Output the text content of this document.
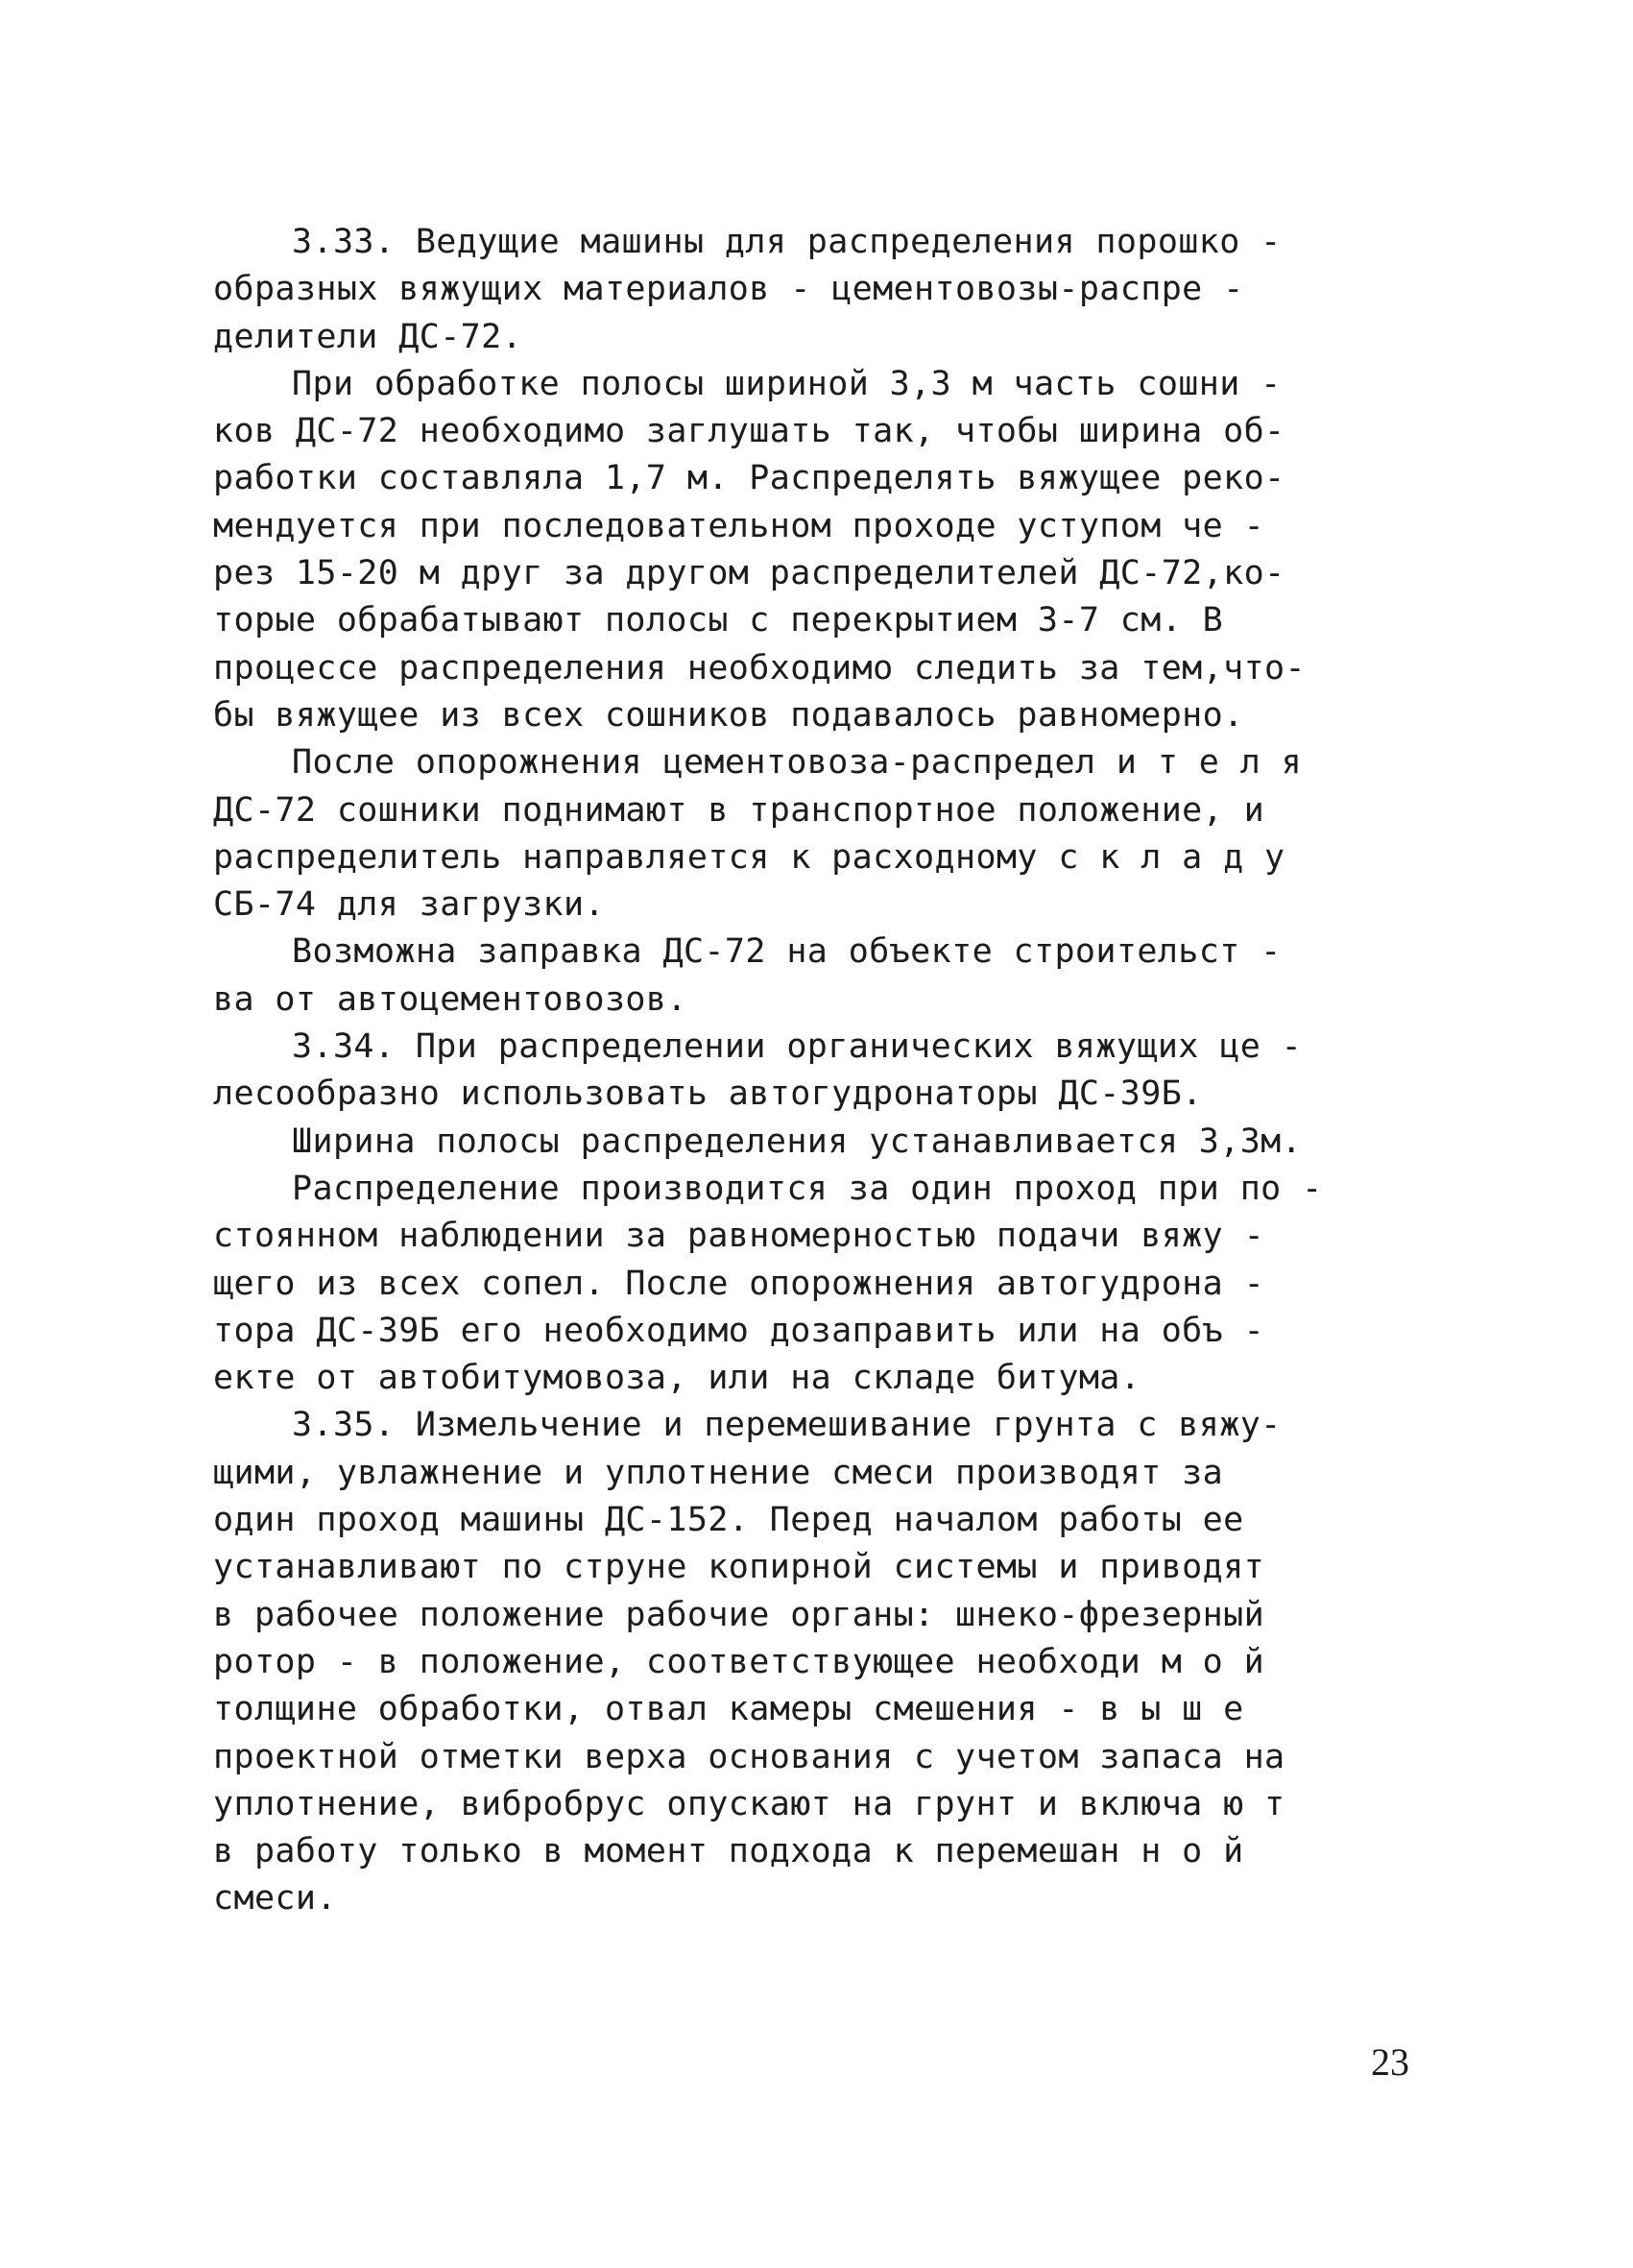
3.33. Ведущие машины для распределения порошко -
образных вяжущих материалов - цементовозы-распре -
делители ДС-72.

При обработке полосы шириной 3,3 м часть сошни -
ков ДС-72 необходимо заглушать так, чтобы ширина об-
работки составляла 1,7 м. Распределять вяжущее реко-
мендуется при последовательном проходе уступом че -
рез 15-20 м друг за другом распределителей ДС-72,ко-
торые обрабатывают полосы с перекрытием 3-7 см. В
процессе распределения необходимо следить за тем,что-
бы вяжущее из всех сошников подавалось равномерно.

После опорожнения цементовоза-распредел и т е л я
ДС-72 сошники поднимают в транспортное положение, и
распределитель направляется к расходному с к л а д у
СБ-74 для загрузки.

Возможна заправка ДС-72 на объекте строительст -
ва от автоцементовозов.

3.34. При распределении органических вяжущих це -
лесообразно использовать автогудронаторы ДС-39Б.

Ширина полосы распределения устанавливается 3,3м.

Распределение производится за один проход при по -
стоянном наблюдении за равномерностью подачи вяжу -
щего из всех сопел. После опорожнения автогудрона -
тора ДС-39Б его необходимо дозаправить или на объ -
екте от автобитумовоза, или на складе битума.

3.35. Измельчение и перемешивание грунта с вяжу-
щими, увлажнение и уплотнение смеси производят за
один проход машины ДС-152. Перед началом работы ее
устанавливают по струне копирной системы и приводят
в рабочее положение рабочие органы: шнеко-фрезерный
ротор - в положение, соответствующее необходи м о й
толщине обработки, отвал камеры смешения - в ы ш е
проектной отметки верха основания с учетом запаса на
уплотнение, вибробрус опускают на грунт и включа ю т
в работу только в момент подхода к перемешан н о й
смеси.

23
